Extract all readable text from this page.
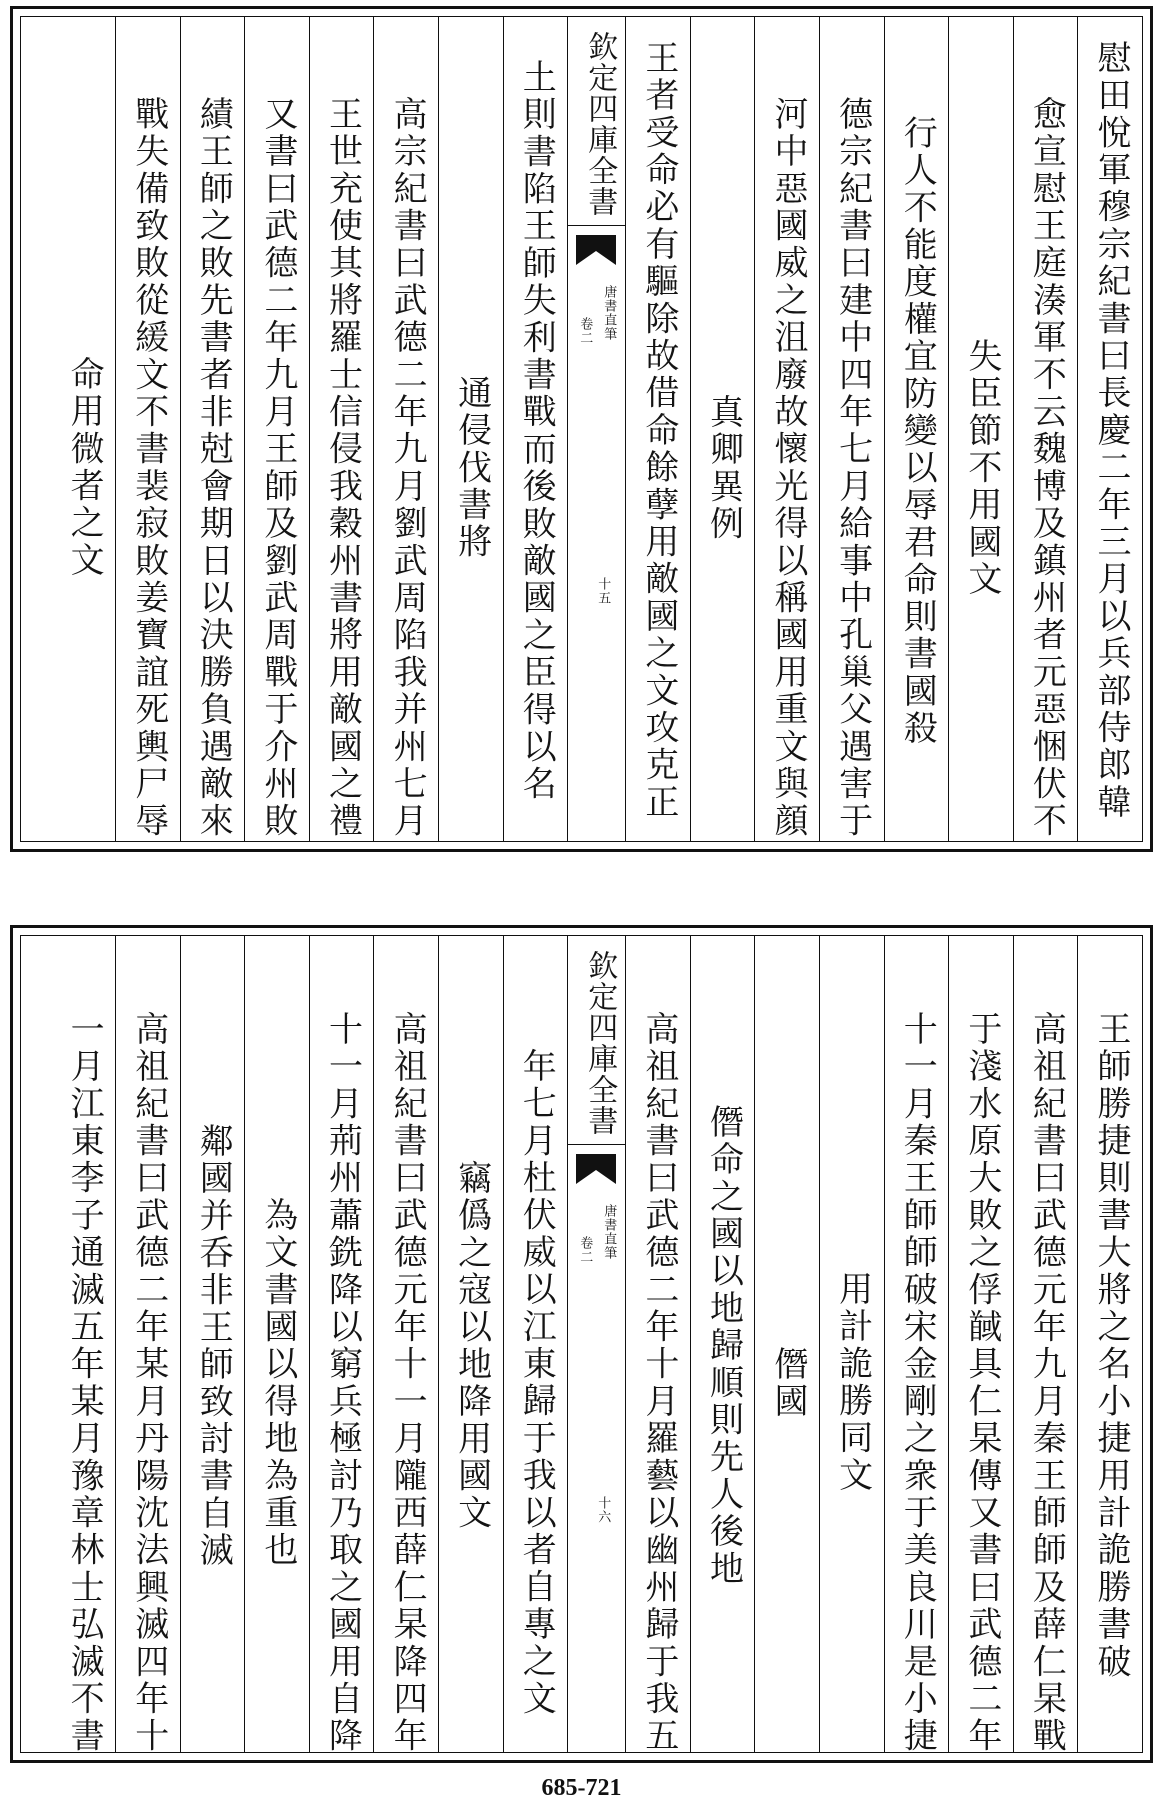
慰田悅軍穆宗紀書曰長慶二年三月以兵部侍郎韓
愈宣慰王庭湊軍不云魏博及鎮州者元惡悃伏不
失臣節不用國文
行人不能度權宜防變以辱君命則書國殺
德宗紀書曰建中四年七月給事中孔巢父遇害于
河中惡國威之沮廢故懷光得以稱國用重文與顔
真卿異例
王者受命必有驅除故借命餘孽用敵國之文攻克正
欽定四庫全書
唐書直筆
卷二
十五
土則書陷王師失利書戰而後敗敵國之臣得以名
通侵伐書將
高宗紀書曰武德二年九月劉武周陷我并州七月
王世充使其將羅士信侵我穀州書將用敵國之禮
又書曰武德二年九月王師及劉武周戰于介州敗
績王師之敗先書者非尅會期日以決勝負遇敵來
戰失備致敗從緩文不書裴寂敗姜寶誼死輿尸辱
命用微者之文
王師勝捷則書大將之名小捷用計詭勝書破
高祖紀書曰武德元年九月秦王師師及薛仁杲戰
于淺水原大敗之俘馘具仁杲傳又書曰武德二年
十一月秦王師師破宋金剛之衆于美良川是小捷
用計詭勝同文
僭國
僭命之國以地歸順則先人後地
高祖紀書曰武德二年十月羅藝以幽州歸于我五
欽定四庫全書
唐書直筆
卷二
十六
年七月杜伏威以江東歸于我以者自專之文
竊僞之寇以地降用國文
高祖紀書曰武德元年十一月隴西薛仁杲降四年
十一月荊州蕭銑降以窮兵極討乃取之國用自降
為文書國以得地為重也
鄰國并呑非王師致討書自滅
高祖紀書曰武德二年某月丹陽沈法興滅四年十
一月江東李子通滅五年某月豫章林士弘滅不書
685-721
